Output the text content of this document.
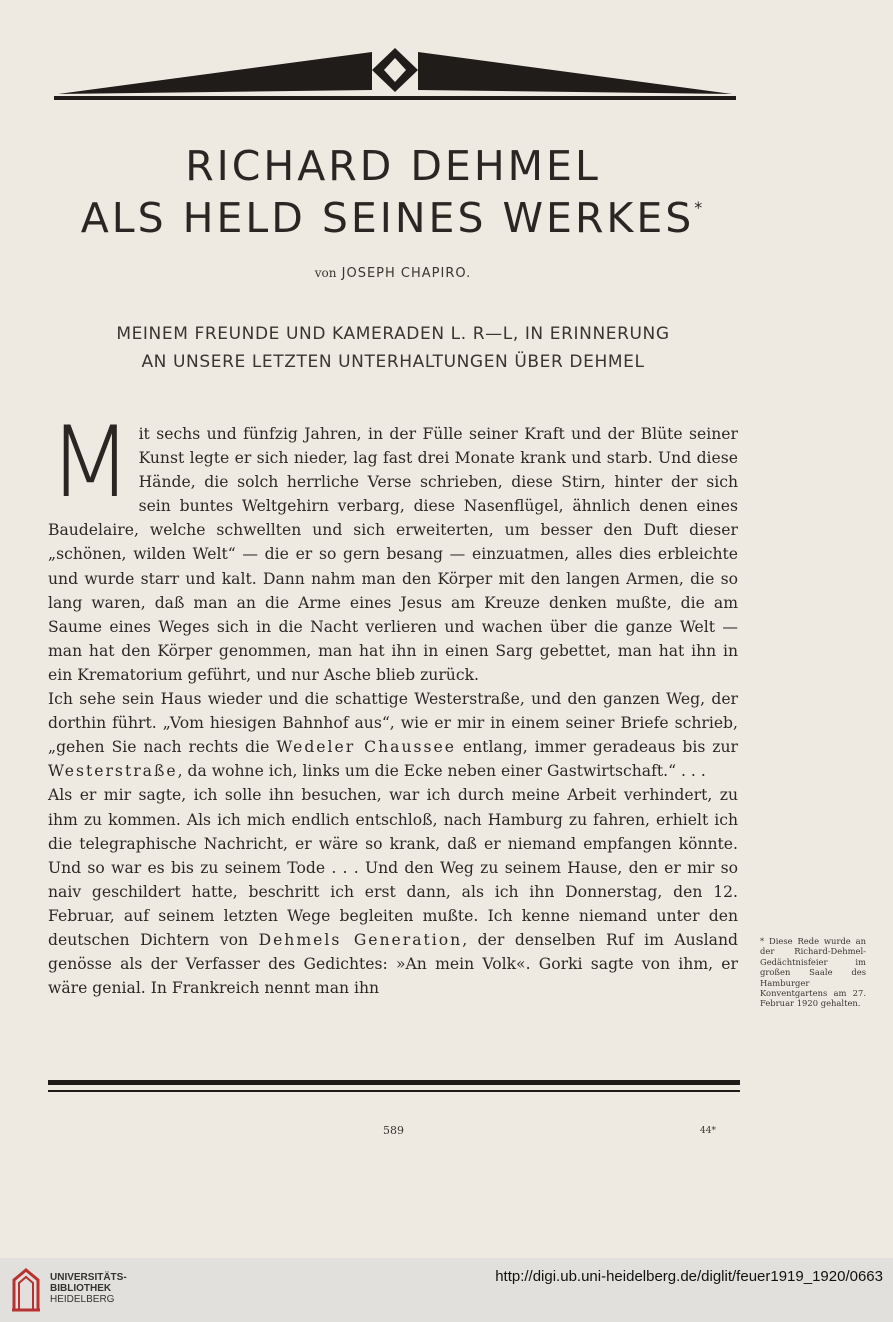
RICHARD DEHMEL
ALS HELD SEINES WERKES*
von JOSEPH CHAPIRO.
MEINEM FREUNDE UND KAMERADEN L. R—L, IN ERINNERUNG
AN UNSERE LETZTEN UNTERHALTUNGEN ÜBER DEHMEL

Mit sechs und fünfzig Jahren, in der Fülle seiner Kraft und der Blüte seiner Kunst legte er sich nieder, lag fast drei Monate krank und starb. Und diese Hände, die solch herrliche Verse schrieben, diese Stirn, hinter der sich sein buntes Weltgehirn verbarg, diese Nasenflügel, ähnlich denen eines Baudelaire, welche schwellten und sich erweiterten, um besser den Duft dieser „schönen, wilden Welt“ — die er so gern besang — einzuatmen, alles dies erbleichte und wurde starr und kalt. Dann nahm man den Körper mit den langen Armen, die so lang waren, daß man an die Arme eines Jesus am Kreuze denken mußte, die am Saume eines Weges sich in die Nacht verlieren und wachen über die ganze Welt — man hat den Körper genommen, man hat ihn in einen Sarg gebettet, man hat ihn in ein Krematorium geführt, und nur Asche blieb zurück.

Ich sehe sein Haus wieder und die schattige Westerstraße, und den ganzen Weg, der dorthin führt. „Vom hiesigen Bahnhof aus“, wie er mir in einem seiner Briefe schrieb, „gehen Sie nach rechts die Wedeler Chaussee entlang, immer geradeaus bis zur Westerstraße, da wohne ich, links um die Ecke neben einer Gastwirtschaft.“ . . .

Als er mir sagte, ich solle ihn besuchen, war ich durch meine Arbeit verhindert, zu ihm zu kommen. Als ich mich endlich entschloß, nach Hamburg zu fahren, erhielt ich die telegraphische Nachricht, er wäre so krank, daß er niemand empfangen könnte. Und so war es bis zu seinem Tode . . . Und den Weg zu seinem Hause, den er mir so naiv geschildert hatte, beschritt ich erst dann, als ich ihn Donnerstag, den 12. Februar, auf seinem letzten Wege begleiten mußte. Ich kenne niemand unter den deutschen Dichtern von Dehmels Generation, der denselben Ruf im Ausland genösse als der Verfasser des Gedichtes: »An mein Volk«. Gorki sagte von ihm, er wäre genial. In Frankreich nennt man ihn

* Diese Rede wurde an der Richard-Dehmel-Gedächtnisfeier im großen Saale des Hamburger Konventgartens am 27. Februar 1920 gehalten.
589	44*
UNIVERSITÄTS-
BIBLIOTHEK
HEIDELBERG
http://digi.ub.uni-heidelberg.de/diglit/feuer1919_1920/0663
